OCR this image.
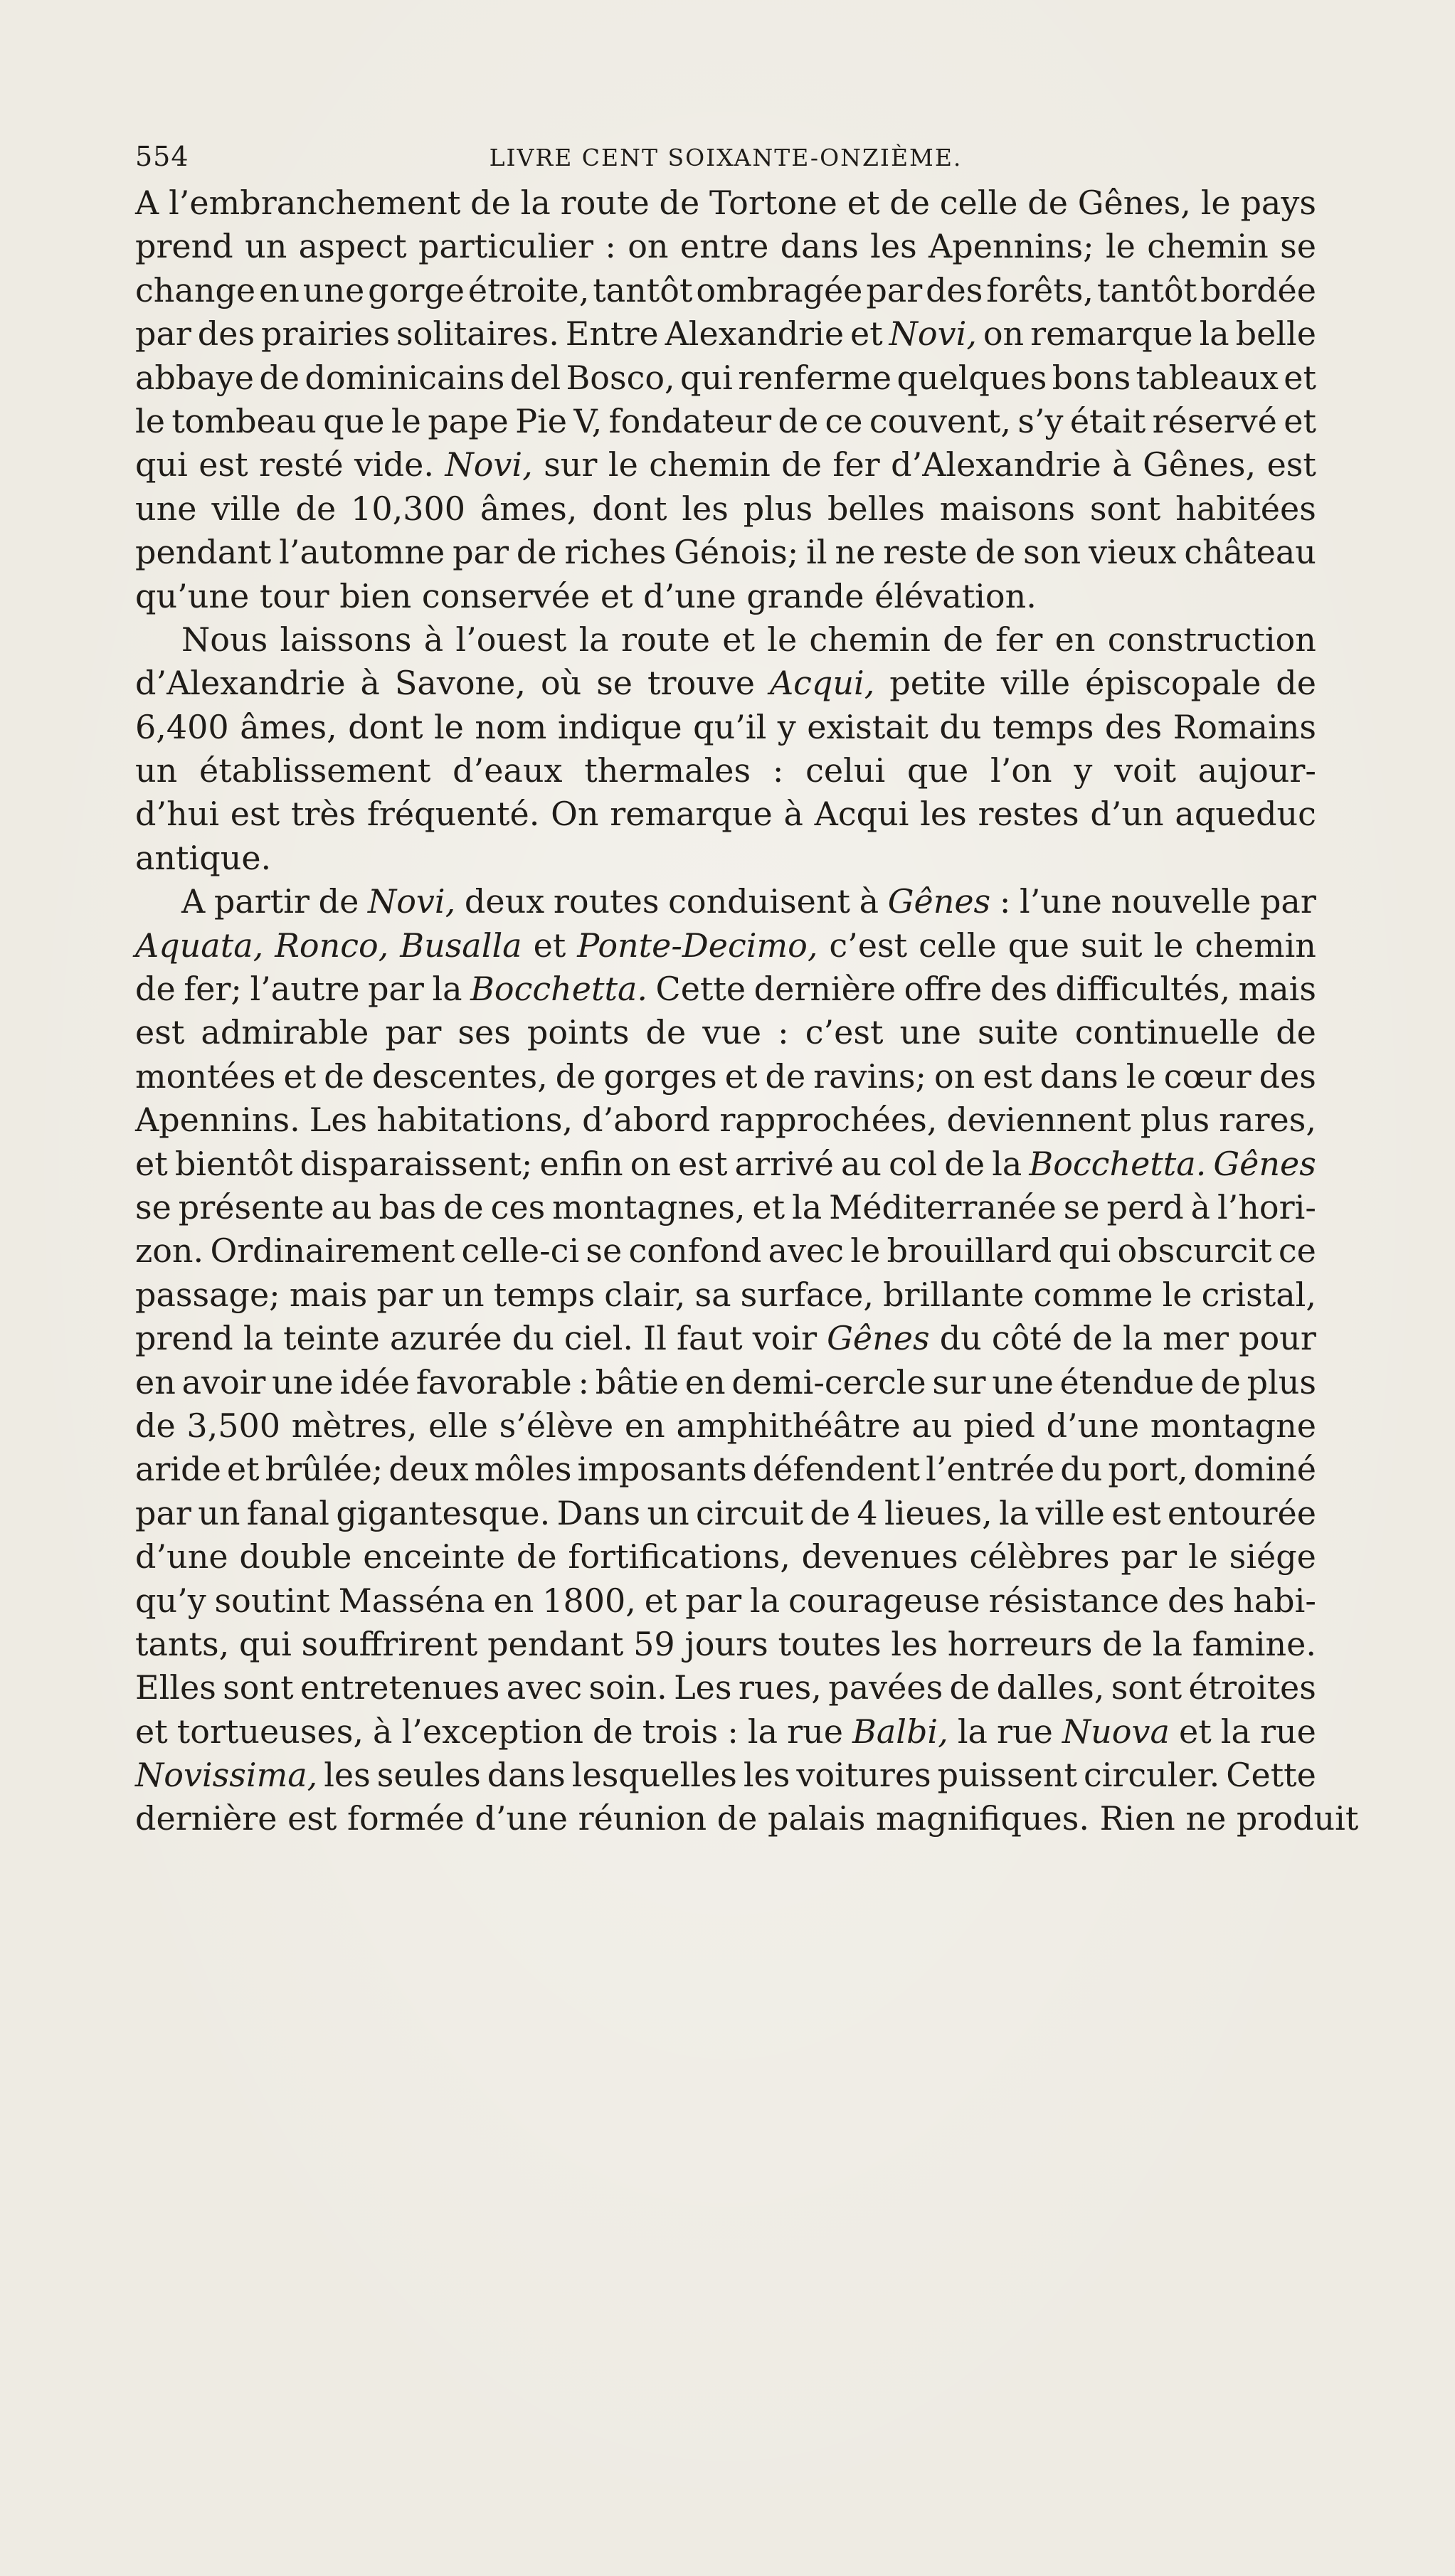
554	LIVRE CENT SOIXANTE-ONZIÈME.
A l’embranchement de la route de Tortone et de celle de Gênes, le pays
prend un aspect particulier : on entre dans les Apennins; le chemin se
change en une gorge étroite, tantôt ombragée par des forêts, tantôt bordée
par des prairies solitaires. Entre Alexandrie et Novi, on remarque la belle
abbaye de dominicains del Bosco, qui renferme quelques bons tableaux et
le tombeau que le pape Pie V, fondateur de ce couvent, s’y était réservé et
qui est resté vide. Novi, sur le chemin de fer d’Alexandrie à Gênes, est
une ville de 10,300 âmes, dont les plus belles maisons sont habitées
pendant l’automne par de riches Génois; il ne reste de son vieux château
qu’une tour bien conservée et d’une grande élévation.
Nous laissons à l’ouest la route et le chemin de fer en construction
d’Alexandrie à Savone, où se trouve Acqui, petite ville épiscopale de
6,400 âmes, dont le nom indique qu’il y existait du temps des Romains
un établissement d’eaux thermales : celui que l’on y voit aujour-
d’hui est très fréquenté. On remarque à Acqui les restes d’un aqueduc
antique.
A partir de Novi, deux routes conduisent à Gênes : l’une nouvelle par
Aquata, Ronco, Busalla et Ponte-Decimo, c’est celle que suit le chemin
de fer; l’autre par la Bocchetta. Cette dernière offre des difficultés, mais
est admirable par ses points de vue : c’est une suite continuelle de
montées et de descentes, de gorges et de ravins; on est dans le cœur des
Apennins. Les habitations, d’abord rapprochées, deviennent plus rares,
et bientôt disparaissent; enfin on est arrivé au col de la Bocchetta. Gênes
se présente au bas de ces montagnes, et la Méditerranée se perd à l’hori-
zon. Ordinairement celle-ci se confond avec le brouillard qui obscurcit ce
passage; mais par un temps clair, sa surface, brillante comme le cristal,
prend la teinte azurée du ciel. Il faut voir Gênes du côté de la mer pour
en avoir une idée favorable : bâtie en demi-cercle sur une étendue de plus
de 3,500 mètres, elle s’élève en amphithéâtre au pied d’une montagne
aride et brûlée; deux môles imposants défendent l’entrée du port, dominé
par un fanal gigantesque. Dans un circuit de 4 lieues, la ville est entourée
d’une double enceinte de fortifications, devenues célèbres par le siége
qu’y soutint Masséna en 1800, et par la courageuse résistance des habi-
tants, qui souffrirent pendant 59 jours toutes les horreurs de la famine.
Elles sont entretenues avec soin. Les rues, pavées de dalles, sont étroites
et tortueuses, à l’exception de trois : la rue Balbi, la rue Nuova et la rue
Novissima, les seules dans lesquelles les voitures puissent circuler. Cette
dernière est formée d’une réunion de palais magnifiques. Rien ne produit
